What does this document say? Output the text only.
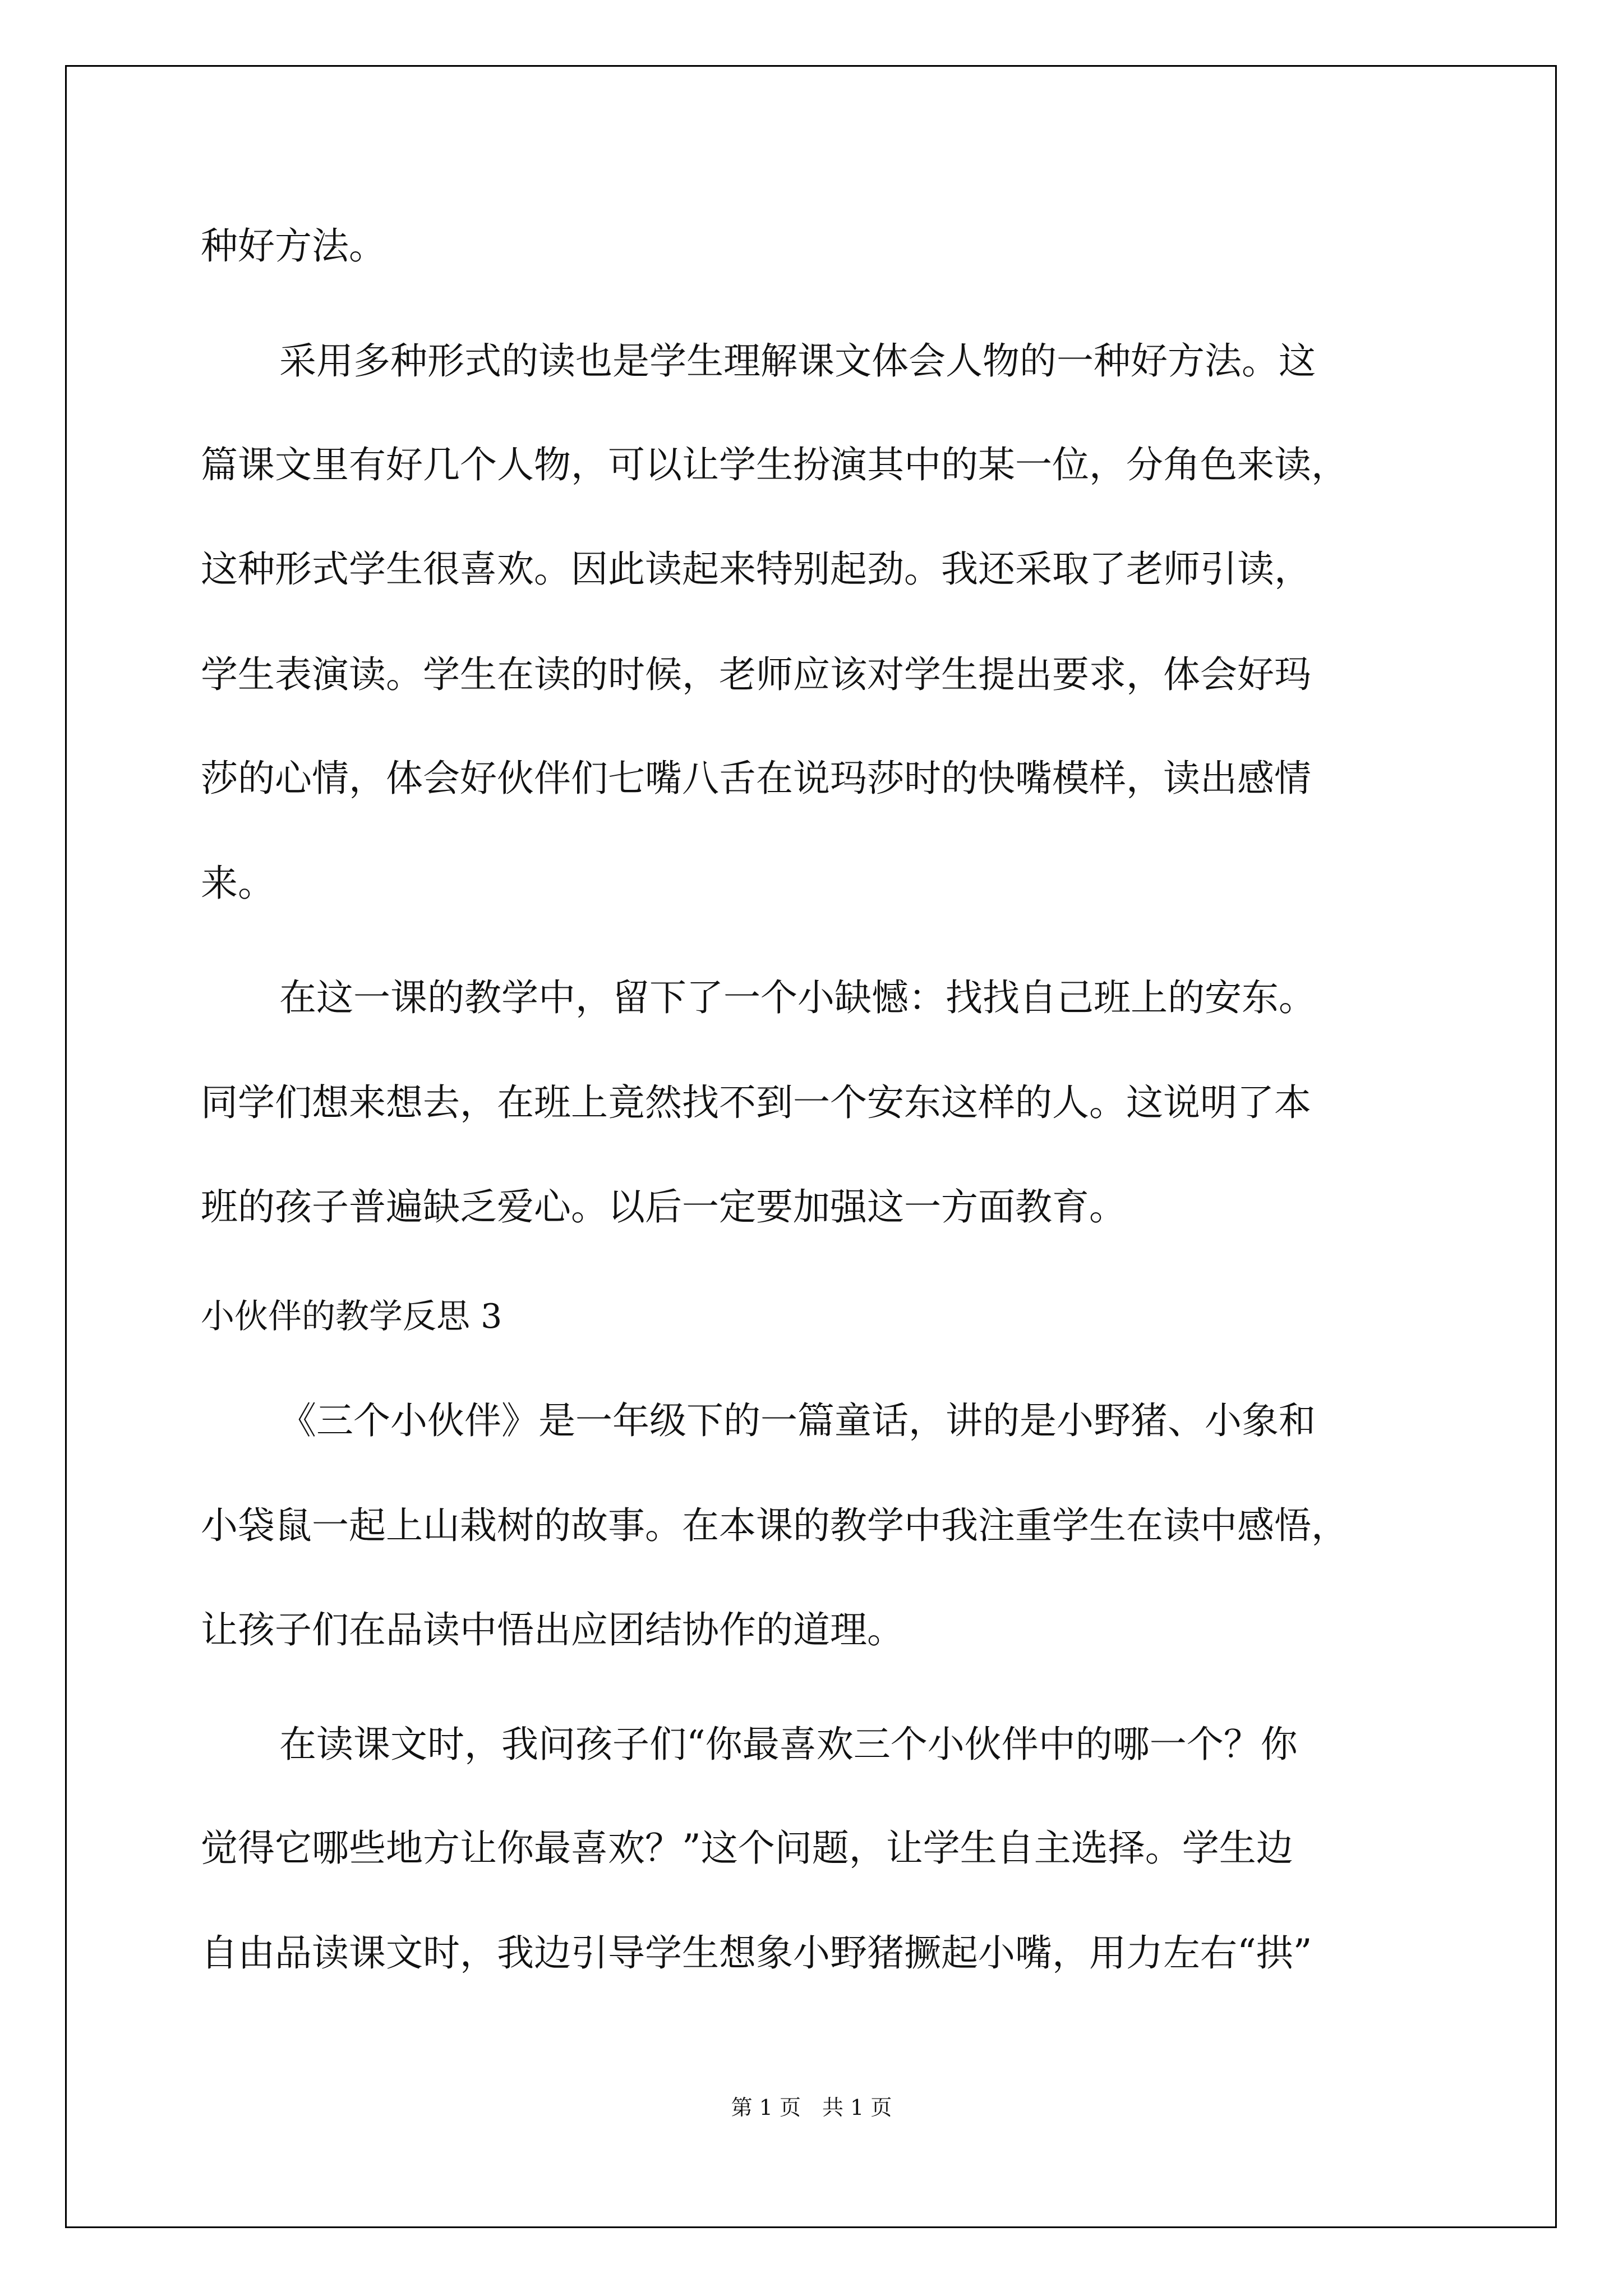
种好方法。
采用多种形式的读也是学生理解课文体会人物的一种好方法。这
篇课文里有好几个人物，可以让学生扮演其中的某一位，分角色来读，
这种形式学生很喜欢。因此读起来特别起劲。我还采取了老师引读，
学生表演读。学生在读的时候，老师应该对学生提出要求，体会好玛
莎的心情，体会好伙伴们七嘴八舌在说玛莎时的快嘴模样，读出感情
来。
在这一课的教学中，留下了一个小缺憾：找找自己班上的安东。
同学们想来想去，在班上竟然找不到一个安东这样的人。这说明了本
班的孩子普遍缺乏爱心。以后一定要加强这一方面教育。
小伙伴的教学反思 3
《三个小伙伴》是一年级下的一篇童话，讲的是小野猪、小象和
小袋鼠一起上山栽树的故事。在本课的教学中我注重学生在读中感悟，
让孩子们在品读中悟出应团结协作的道理。
在读课文时，我问孩子们“你最喜欢三个小伙伴中的哪一个？你
觉得它哪些地方让你最喜欢？”这个问题，让学生自主选择。学生边
自由品读课文时，我边引导学生想象小野猪撅起小嘴，用力左右“拱”
第 1 页　共 1 页
